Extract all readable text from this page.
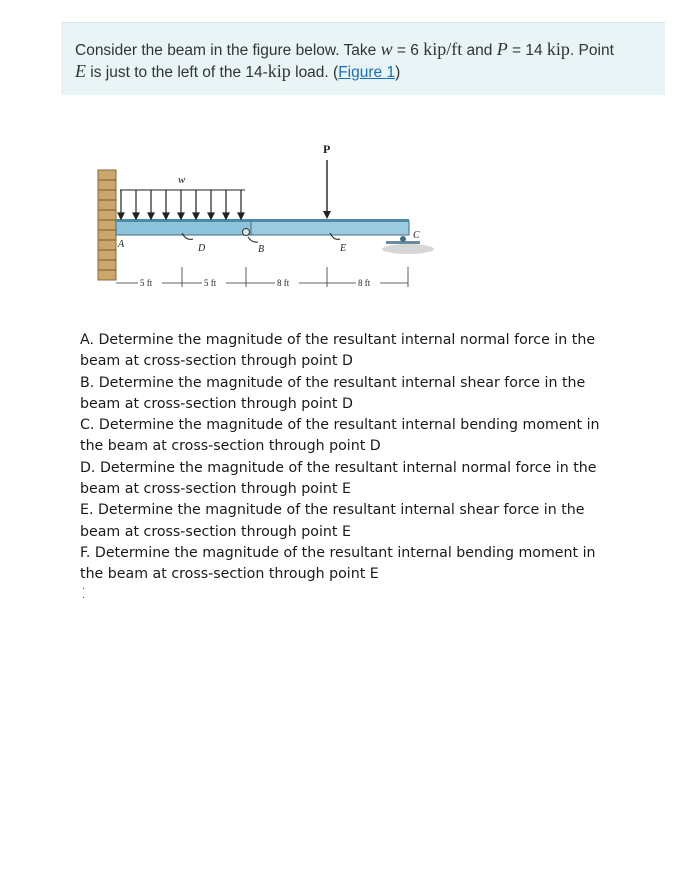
Consider the beam in the figure below. Take w = 6 kip/ft and P = 14 kip. Point
E is just to the left of the 14-kip load. (Figure 1)
w
P
D	E
B
A
C
5 ft	5 ft	8 ft	8 ft

A. Determine the magnitude of the resultant internal normal force in the beam at cross-section through point D

B. Determine the magnitude of the resultant internal shear force in the beam at cross-section through point D

C. Determine the magnitude of the resultant internal bending moment in the beam at cross-section through point D

D. Determine the magnitude of the resultant internal normal force in the beam at cross-section through point E

E. Determine the magnitude of the resultant internal shear force in the beam at cross-section through point E

F. Determine the magnitude of the resultant internal bending moment in the beam at cross-section through point E

·
·
